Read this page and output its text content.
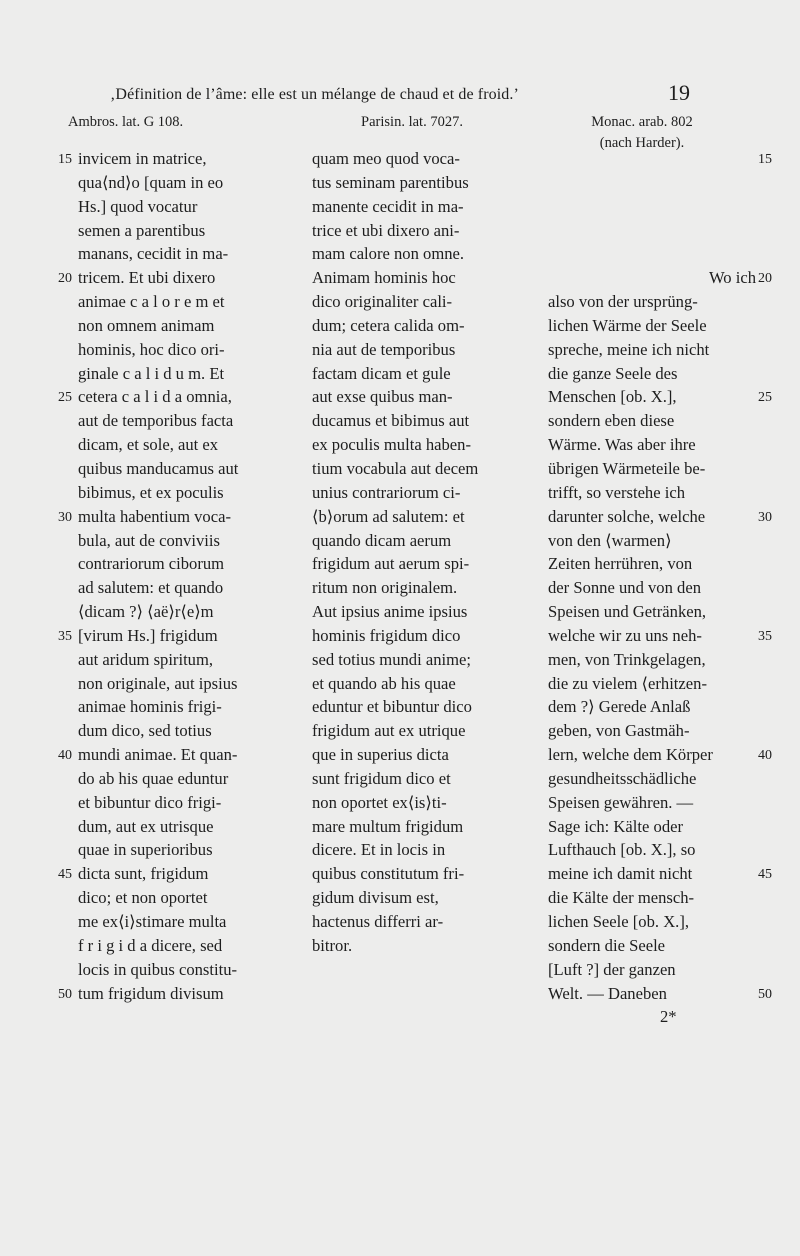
‚Définition de l’âme: elle est un mélange de chaud et de froid.’	19
Ambros. lat. G 108.	Parisin. lat. 7027.	Monac. arab. 802
(nach Harder).
15 invicem in matrice,
qua⟨nd⟩o [quam in eo
Hs.] quod vocatur
semen a parentibus
manans, cecidit in ma-
20 tricem. Et ubi dixero
animae c a l o r e m et
non omnem animam
hominis, hoc dico ori-
ginale c a l i d u m. Et
25 cetera c a l i d a omnia,
aut de temporibus facta
dicam, et sole, aut ex
quibus manducamus aut
bibimus, et ex poculis
30 multa habentium voca-
bula, aut de conviviis
contrariorum ciborum
ad salutem: et quando
⟨dicam ?⟩ ⟨aë⟩r⟨e⟩m
35 [virum Hs.] frigidum
aut aridum spiritum,
non originale, aut ipsius
animae hominis frigi-
dum dico, sed totius
40 mundi animae. Et quan-
do ab his quae eduntur
et bibuntur dico frigi-
dum, aut ex utrisque
quae in superioribus
45 dicta sunt, frigidum
dico; et non oportet
me ex⟨i⟩stimare multa
f r i g i d a dicere, sed
locis in quibus constitu-
50 tum frigidum divisum
quam meo quod voca-
tus seminam parentibus
manente cecidit in ma-
trice et ubi dixero ani-
mam calore non omne.
Animam hominis hoc
dico originaliter cali-
dum; cetera calida om-
nia aut de temporibus
factam dicam et gule
aut exse quibus man-
ducamus et bibimus aut
ex poculis multa haben-
tium vocabula aut decem
unius contrariorum ci-
⟨b⟩orum ad salutem: et
quando dicam aerum
frigidum aut aerum spi-
ritum non originalem.
Aut ipsius anime ipsius
hominis frigidum dico
sed totius mundi anime;
et quando ab his quae
eduntur et bibuntur dico
frigidum aut ex utrique
que in superius dicta
sunt frigidum dico et
non oportet ex⟨is⟩ti-
mare multum frigidum
dicere. Et in locis in
quibus constitutum fri-
gidum divisum est,
hactenus differri ar-
bitror.
15
20
Wo ich
also von der ursprüng-
lichen Wärme der Seele
spreche, meine ich nicht
die ganze Seele des
25
Menschen [ob. X.],
sondern eben diese
Wärme. Was aber ihre
übrigen Wärmeteile be-
trifft, so verstehe ich
30
darunter solche, welche
von den ⟨warmen⟩
Zeiten herrühren, von
der Sonne und von den
Speisen und Getränken,
35
welche wir zu uns neh-
men, von Trinkgelagen,
die zu vielem ⟨erhitzen-
dem ?⟩ Gerede Anlaß
geben, von Gastmäh-
40
lern, welche dem Körper
gesundheitsschädliche
Speisen gewähren. —
Sage ich: Kälte oder
Lufthauch [ob. X.], so
45
meine ich damit nicht
die Kälte der mensch-
lichen Seele [ob. X.],
sondern die Seele
[Luft ?] der ganzen
50
Welt. — Daneben
2*
